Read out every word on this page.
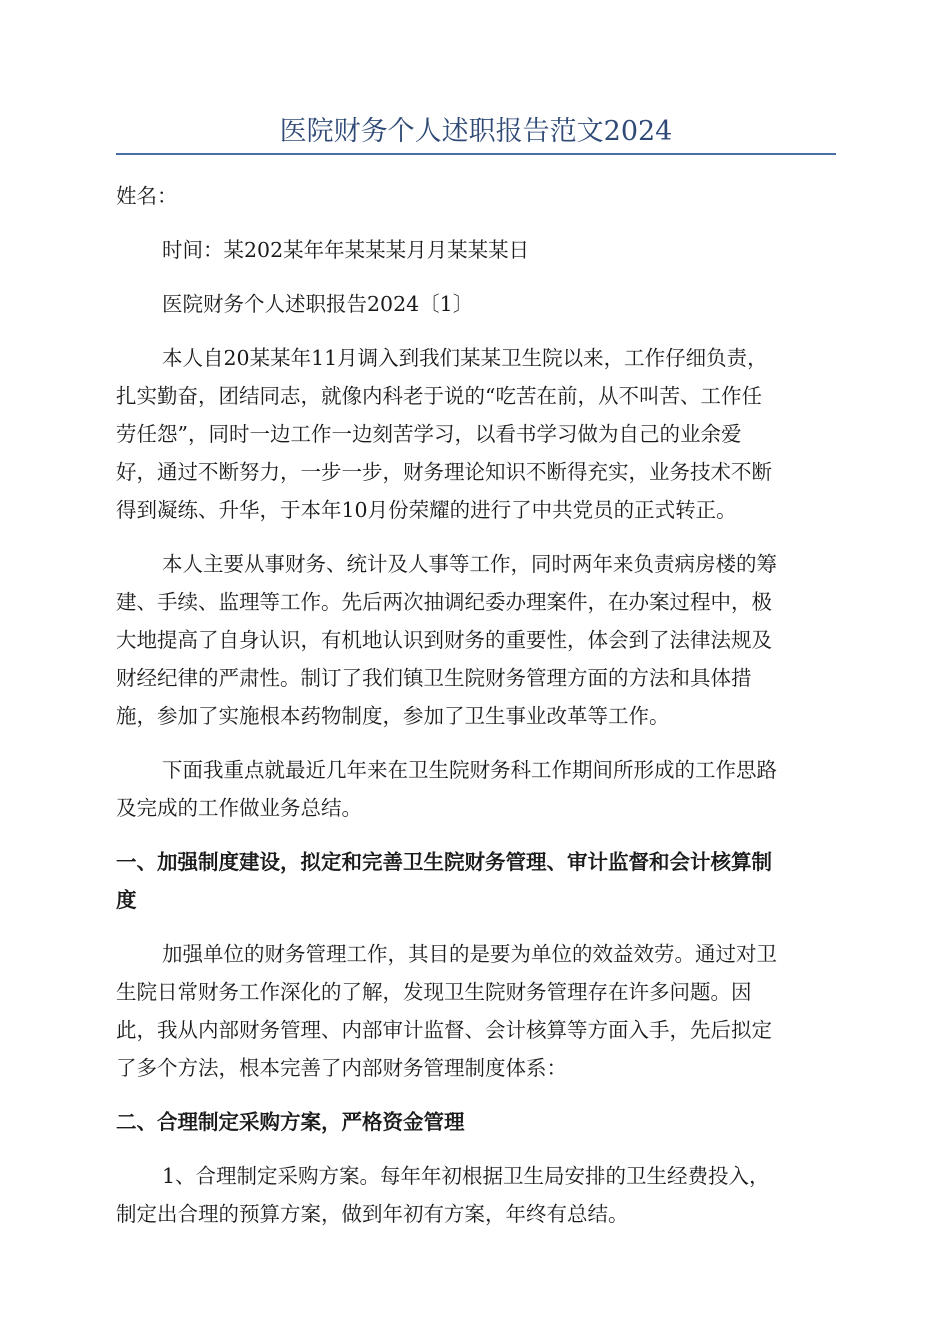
医院财务个人述职报告范文2024

姓名：

时间：某202某年年某某某月月某某某日

医院财务个人述职报告2024〔1〕

本人自20某某年11月调入到我们某某卫生院以来，工作仔细负责，

扎实勤奋，团结同志，就像内科老于说的“吃苦在前，从不叫苦、工作任

劳任怨”，同时一边工作一边刻苦学习，以看书学习做为自己的业余爱

好，通过不断努力，一步一步，财务理论知识不断得充实，业务技术不断

得到凝练、升华，于本年10月份荣耀的进行了中共党员的正式转正。

本人主要从事财务、统计及人事等工作，同时两年来负责病房楼的筹

建、手续、监理等工作。先后两次抽调纪委办理案件，在办案过程中，极

大地提高了自身认识，有机地认识到财务的重要性，体会到了法律法规及

财经纪律的严肃性。制订了我们镇卫生院财务管理方面的方法和具体措

施，参加了实施根本药物制度，参加了卫生事业改革等工作。

下面我重点就最近几年来在卫生院财务科工作期间所形成的工作思路

及完成的工作做业务总结。

一、加强制度建设，拟定和完善卫生院财务管理、审计监督和会计核算制

度

加强单位的财务管理工作，其目的是要为单位的效益效劳。通过对卫

生院日常财务工作深化的了解，发现卫生院财务管理存在许多问题。因

此，我从内部财务管理、内部审计监督、会计核算等方面入手，先后拟定

了多个方法，根本完善了内部财务管理制度体系：

二、合理制定采购方案，严格资金管理

1、合理制定采购方案。每年年初根据卫生局安排的卫生经费投入，

制定出合理的预算方案，做到年初有方案，年终有总结。
